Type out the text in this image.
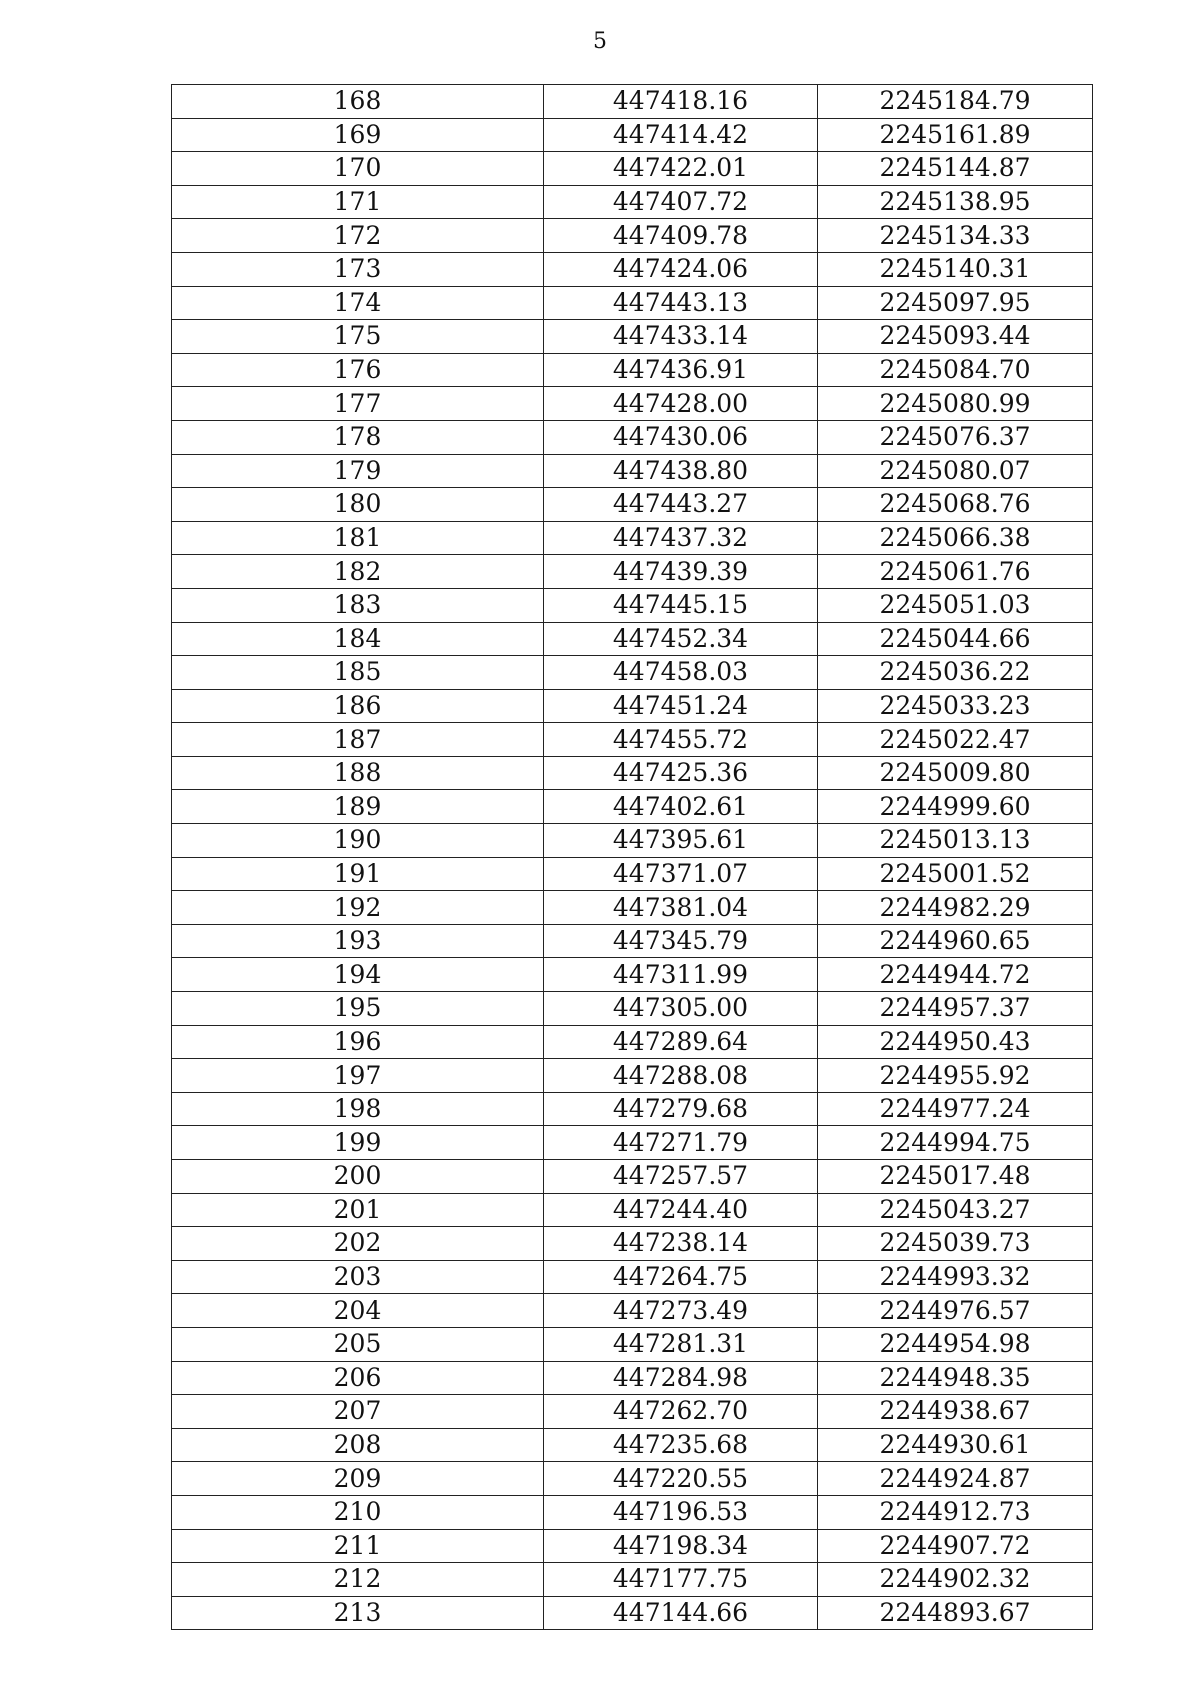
5
168	447418.16	2245184.79
169	447414.42	2245161.89
170	447422.01	2245144.87
171	447407.72	2245138.95
172	447409.78	2245134.33
173	447424.06	2245140.31
174	447443.13	2245097.95
175	447433.14	2245093.44
176	447436.91	2245084.70
177	447428.00	2245080.99
178	447430.06	2245076.37
179	447438.80	2245080.07
180	447443.27	2245068.76
181	447437.32	2245066.38
182	447439.39	2245061.76
183	447445.15	2245051.03
184	447452.34	2245044.66
185	447458.03	2245036.22
186	447451.24	2245033.23
187	447455.72	2245022.47
188	447425.36	2245009.80
189	447402.61	2244999.60
190	447395.61	2245013.13
191	447371.07	2245001.52
192	447381.04	2244982.29
193	447345.79	2244960.65
194	447311.99	2244944.72
195	447305.00	2244957.37
196	447289.64	2244950.43
197	447288.08	2244955.92
198	447279.68	2244977.24
199	447271.79	2244994.75
200	447257.57	2245017.48
201	447244.40	2245043.27
202	447238.14	2245039.73
203	447264.75	2244993.32
204	447273.49	2244976.57
205	447281.31	2244954.98
206	447284.98	2244948.35
207	447262.70	2244938.67
208	447235.68	2244930.61
209	447220.55	2244924.87
210	447196.53	2244912.73
211	447198.34	2244907.72
212	447177.75	2244902.32
213	447144.66	2244893.67
